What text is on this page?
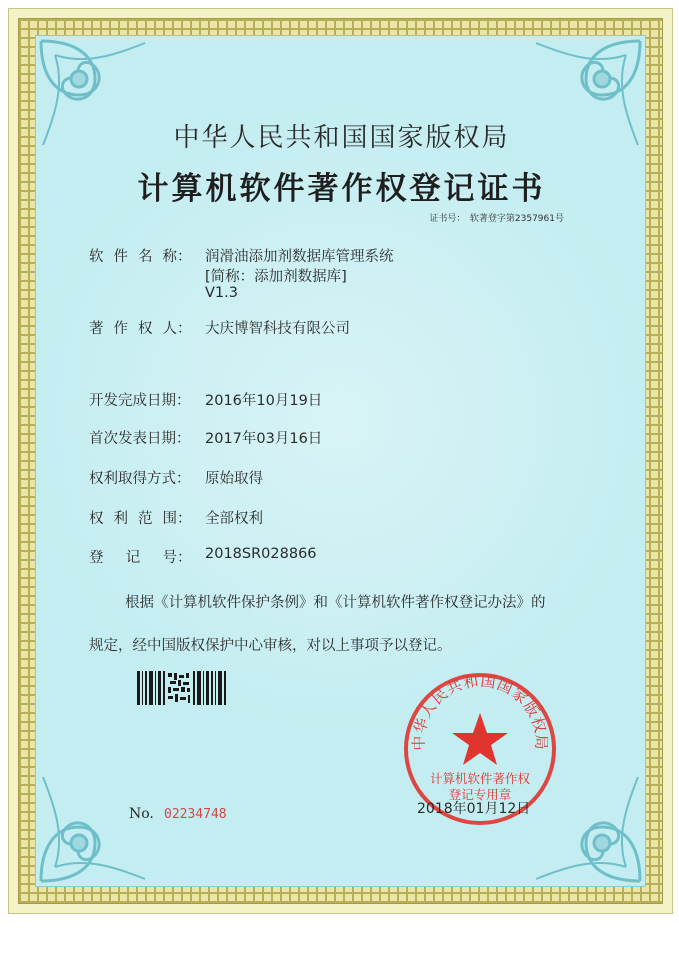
中华人民共和国国家版权局
计算机软件著作权登记证书
证书号：　软著登字第2357961号
软 件 名 称 ： 润滑油添加剂数据库管理系统
[简称：添加剂数据库]
V1.3
著 作 权 人 ： 大庆博智科技有限公司
开发完成日期：	2016年10月19日
首次发表日期：	2017年03月16日
权利取得方式：	原始取得
权 利 范 围 ： 全部权利
登 记 号 ： 2018SR028866
根据《计算机软件保护条例》和《计算机软件著作权登记办法》的
规定，经中国版权保护中心审核，对以上事项予以登记。
No. 02234748
中华人民共和国国家版权局
计算机软件著作权
登记专用章
2018年01月12日
